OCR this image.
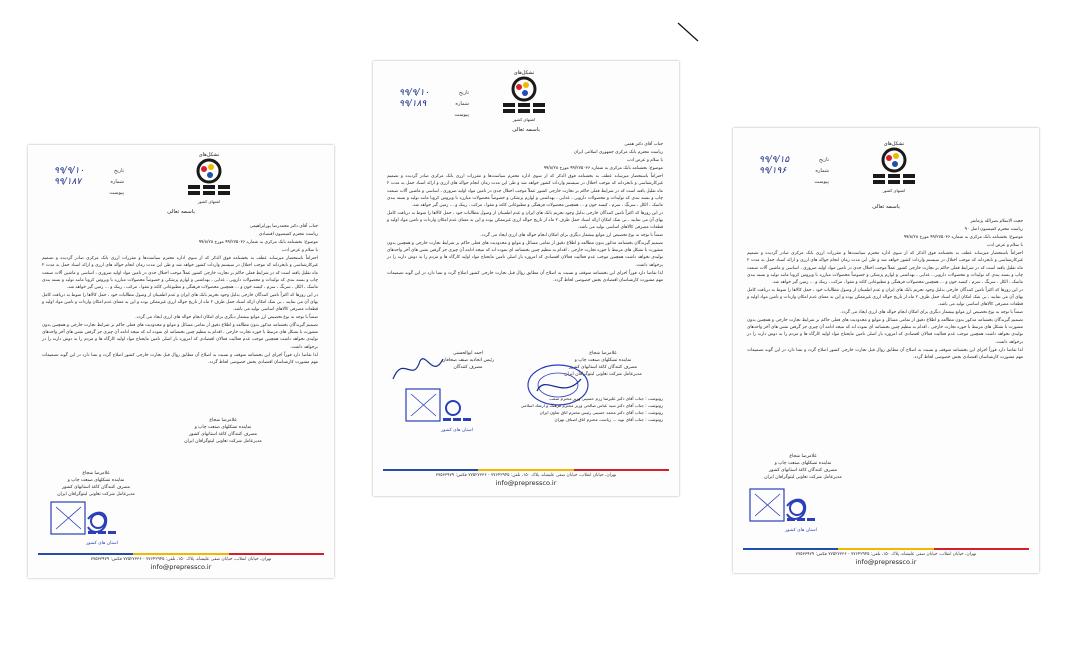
تشکل‌های
اشتهای کشور
تاریخ
۹۹/۹/۱۰
شماره
۹۹/۱۸۷
پیوست
باسمه تعالی

جناب آقای دکتر محمدرضا پورابراهیمی

ریاست محترم کمیسیون اقتصادی

موضوع: بخشنامه بانک مرکزی به شماره ۹۹/۲۷۵۰۳۶ مورخ ۹۹/۸/۲۸

با سلام و عرض ادب

احتراماً باستحضار میرساند عطف به بخشنامه فوق الذکر که از سوی اداره محترم سیاست‌ها و مقررات ارزی بانک مرکزی صادر گردیده و تصمیم غیرکارشناسی و نابخردانه که موجب اختلال در سیستم واردات کشور خواهد شد و طی این مدت زمان انجام حواله های ارزی و ارائه اسناد حمل به مدت ۲ ماه تقلیل یافته است که در شرایط فعلی حاکم بر تجارت خارجی کشور عملاً موجب اختلال جدی در تامین مواد اولیه ضروری ، اساسی و ماشین آلات صنعت چاپ و بسته بندی که تولیدات و محصولات دارویی ، غذایی ، بهداشتی و لوازم پزشکی و خصوصاً محصولات مبارزه با ویروس کرونا مانند تولید و بسته بندی ماسک ، الکل ، سرنگ ، سرم ، کیسه خون و ... همچنین محصولات فرهنگی و مطبوعاتی کاغذ و مقوا ، مرکب ، زینک و ... زمین گیر خواهد شد.

در این روزها که اکثراً تامین کنندگان خارجی بدلیل وجود تحریم بانک های ایران و عدم اطمینان از وصول مطالبات خود ، حمل کالاها را منوط به دریافت کامل بهای آن می نمایند ، بی شک امکان ارائه اسناد حمل ظرف ۲ ماه از تاریخ حواله ارزی غیرممکن بوده و این به معنای عدم امکان واردات و تامین مواد اولیه و قطعات مصرفی کالاهای اساسی تولید می باشد.

ضمناً با توجه به نوع تخصیص ارز موانع بیشمار دیگری برای امکان انجام حواله های ارزی ایجاد می گردد.

تصمیم گیرندگان بخشنامه مذکور بدون مطالعه و اطلاع دقیق از تمامی مسائل و موانع و محدودیت های فعلی حاکم بر شرایط تجارت خارجی و همچنین بدون مشورت با تشکل های مرتبط با حوزه تجارت خارجی ، اقدام به تنظیم چنین بخشنامه ای نموده اند که نتیجه ادامه آن چیزی جز گرفتن نفس های آخر واحدهای تولیدی نخواهد داشت همچنین موجب عدم فعالیت فعالان اقتصادی که امروزه بار اصلی تامین مایحتاج مواد اولیه کارگاه ها و مردم را به دوش دارند را در برخواهد داشت.

لذا تقاضا دارد فوراً اجرای این بخشنامه متوقف و نسبت به اصلاح آن مطابق روال قبل تجارت خارجی کشور اصلاح گردد و تمنا دارد در این گونه تصمیمات مهم مشورت کارشناسان اقتصادی بخش خصوصی لحاظ گردد.

غلامرضا شجاع

نماینده تشکلهای صنعت چاپ و

مصرف کنندگان کاغذ استانهای کشور

مدیرعامل شرکت تعاونی لیتوگرافان ایران

غلامرضا شجاع

نماینده تشکلهای صنعت چاپ و

مصرف کنندگان کاغذ استانهای کشور

مدیرعامل شرکت تعاونی لیتوگرافان ایران

استان های کشور
تهران، خیابان انقلاب، خیابان صفی علیشاه، پلاک ۱۵۰، تلفن: ۷۷۶۴۲۹۴۵ - ۷۷۵۲۷۳۳۶ فکس: ۷۷۵۳۳۹۷۹
info@prepressco.ir
تشکل‌های
اشتهای کشور
تاریخ
۹۹/۹/۱۰
شماره
۹۹/۱۸۹
پیوست
باسمه تعالی

جناب آقای دکتر همتی

ریاست محترم بانک مرکزی جمهوری اسلامی ایران

با سلام و عرض ادب

موضوع: بخشنامه بانک مرکزی به شماره ۹۹/۲۷۵۰۳۶ مورخ ۹۹/۸/۲۸

احتراماً باستحضار میرساند عطف به بخشنامه فوق الذکر که از سوی اداره محترم سیاست‌ها و مقررات ارزی بانک مرکزی صادر گردیده و تصمیم غیرکارشناسی و نابخردانه که موجب اختلال در سیستم واردات کشور خواهد شد و طی این مدت زمان انجام حواله های ارزی و ارائه اسناد حمل به مدت ۲ ماه تقلیل یافته است که در شرایط فعلی حاکم بر تجارت خارجی کشور عملاً موجب اختلال جدی در تامین مواد اولیه ضروری ، اساسی و ماشین آلات صنعت چاپ و بسته بندی که تولیدات و محصولات دارویی ، غذایی ، بهداشتی و لوازم پزشکی و خصوصاً محصولات مبارزه با ویروس کرونا مانند تولید و بسته بندی ماسک ، الکل ، سرنگ ، سرم ، کیسه خون و ... همچنین محصولات فرهنگی و مطبوعاتی کاغذ و مقوا ، مرکب ، زینک و ... زمین گیر خواهد شد.

در این روزها که اکثراً تامین کنندگان خارجی بدلیل وجود تحریم بانک های ایران و عدم اطمینان از وصول مطالبات خود ، حمل کالاها را منوط به دریافت کامل بهای آن می نمایند ، بی شک امکان ارائه اسناد حمل ظرف ۲ ماه از تاریخ حواله ارزی غیرممکن بوده و این به معنای عدم امکان واردات و تامین مواد اولیه و قطعات مصرفی کالاهای اساسی تولید می باشد.

ضمناً با توجه به نوع تخصیص ارز موانع بیشمار دیگری برای امکان انجام حواله های ارزی ایجاد می گردد.

تصمیم گیرندگان بخشنامه مذکور بدون مطالعه و اطلاع دقیق از تمامی مسائل و موانع و محدودیت های فعلی حاکم بر شرایط تجارت خارجی و همچنین بدون مشورت با تشکل های مرتبط با حوزه تجارت خارجی ، اقدام به تنظیم چنین بخشنامه ای نموده اند که نتیجه ادامه آن چیزی جز گرفتن نفس های آخر واحدهای تولیدی نخواهد داشت همچنین موجب عدم فعالیت فعالان اقتصادی که امروزه بار اصلی تامین مایحتاج مواد اولیه کارگاه ها و مردم را به دوش دارند را در برخواهد داشت.

لذا تقاضا دارد فوراً اجرای این بخشنامه متوقف و نسبت به اصلاح آن مطابق روال قبل تجارت خارجی کشور اصلاح گردد و تمنا دارد در این گونه تصمیمات مهم مشورت کارشناسان اقتصادی بخش خصوصی لحاظ گردد.

غلامرضا شجاع

نماینده تشکلهای صنعت چاپ و

مصرف کنندگان کاغذ استانهای کشور

مدیرعامل شرکت تعاونی لیتوگرافان ایران

احمد ابوالحسنی

رئیس اتحادیه صنف صحافان

مصرف کنندگان

رونوشت : جناب آقای دکتر علیرضا رزم حسینی وزیر محترم صمت

رونوشت : جناب آقای دکتر سید عباس صالحی وزیر محترم فرهنگ و ارشاد اسلامی

رونوشت : جناب آقای دکتر محمد حسینی رئیس محترم اتاق تعاون ایران

رونوشت : جناب آقای نوید ... ریاست محترم اتاق اصناف تهران

استان های کشور
تهران، خیابان انقلاب، خیابان صفی علیشاه، پلاک ۱۵۰، تلفن: ۷۷۶۴۲۹۴۵ - ۷۷۵۲۷۳۳۶ فکس: ۷۷۵۳۳۹۷۹
info@prepressco.ir
تشکل‌های
اشتهای کشور
تاریخ
۹۹/۹/۱۵
شماره
۹۹/۱۹۶
پیوست
باسمه تعالی

حجت الاسلام نصرالله پژمانفر

ریاست محترم کمیسیون اصل ۹۰

موضوع: بخشنامه بانک مرکزی به شماره ۹۹/۲۷۵۰۳۶ مورخ ۹۹/۸/۲۸

با سلام و عرض ادب

احتراماً باستحضار میرساند عطف به بخشنامه فوق الذکر که از سوی اداره محترم سیاست‌ها و مقررات ارزی بانک مرکزی صادر گردیده و تصمیم غیرکارشناسی و نابخردانه که موجب اختلال در سیستم واردات کشور خواهد شد و طی این مدت زمان انجام حواله های ارزی و ارائه اسناد حمل به مدت ۲ ماه تقلیل یافته است که در شرایط فعلی حاکم بر تجارت خارجی کشور عملاً موجب اختلال جدی در تامین مواد اولیه ضروری ، اساسی و ماشین آلات صنعت چاپ و بسته بندی که تولیدات و محصولات دارویی ، غذایی ، بهداشتی و لوازم پزشکی و خصوصاً محصولات مبارزه با ویروس کرونا مانند تولید و بسته بندی ماسک ، الکل ، سرنگ ، سرم ، کیسه خون و ... همچنین محصولات فرهنگی و مطبوعاتی کاغذ و مقوا ، مرکب ، زینک و ... زمین گیر خواهد شد.

در این روزها که اکثراً تامین کنندگان خارجی بدلیل وجود تحریم بانک های ایران و عدم اطمینان از وصول مطالبات خود ، حمل کالاها را منوط به دریافت کامل بهای آن می نمایند ، بی شک امکان ارائه اسناد حمل ظرف ۲ ماه از تاریخ حواله ارزی غیرممکن بوده و این به معنای عدم امکان واردات و تامین مواد اولیه و قطعات مصرفی کالاهای اساسی تولید می باشد.

ضمناً با توجه به نوع تخصیص ارز موانع بیشمار دیگری برای امکان انجام حواله های ارزی ایجاد می گردد.

تصمیم گیرندگان بخشنامه مذکور بدون مطالعه و اطلاع دقیق از تمامی مسائل و موانع و محدودیت های فعلی حاکم بر شرایط تجارت خارجی و همچنین بدون مشورت با تشکل های مرتبط با حوزه تجارت خارجی ، اقدام به تنظیم چنین بخشنامه ای نموده اند که نتیجه ادامه آن چیزی جز گرفتن نفس های آخر واحدهای تولیدی نخواهد داشت همچنین موجب عدم فعالیت فعالان اقتصادی که امروزه بار اصلی تامین مایحتاج مواد اولیه کارگاه ها و مردم را به دوش دارند را در برخواهد داشت.

لذا تقاضا دارد فوراً اجرای این بخشنامه متوقف و نسبت به اصلاح آن مطابق روال قبل تجارت خارجی کشور اصلاح گردد و تمنا دارد در این گونه تصمیمات مهم مشورت کارشناسان اقتصادی بخش خصوصی لحاظ گردد.

غلامرضا شجاع

نماینده تشکلهای صنعت چاپ و

مصرف کنندگان کاغذ استانهای کشور

مدیرعامل شرکت تعاونی لیتوگرافان ایران

استان های کشور
تهران، خیابان انقلاب، خیابان صفی علیشاه، پلاک ۱۵۰، تلفن: ۷۷۶۴۲۹۴۵ - ۷۷۵۲۷۳۳۶ فکس: ۷۷۵۳۳۹۷۹
info@prepressco.ir
